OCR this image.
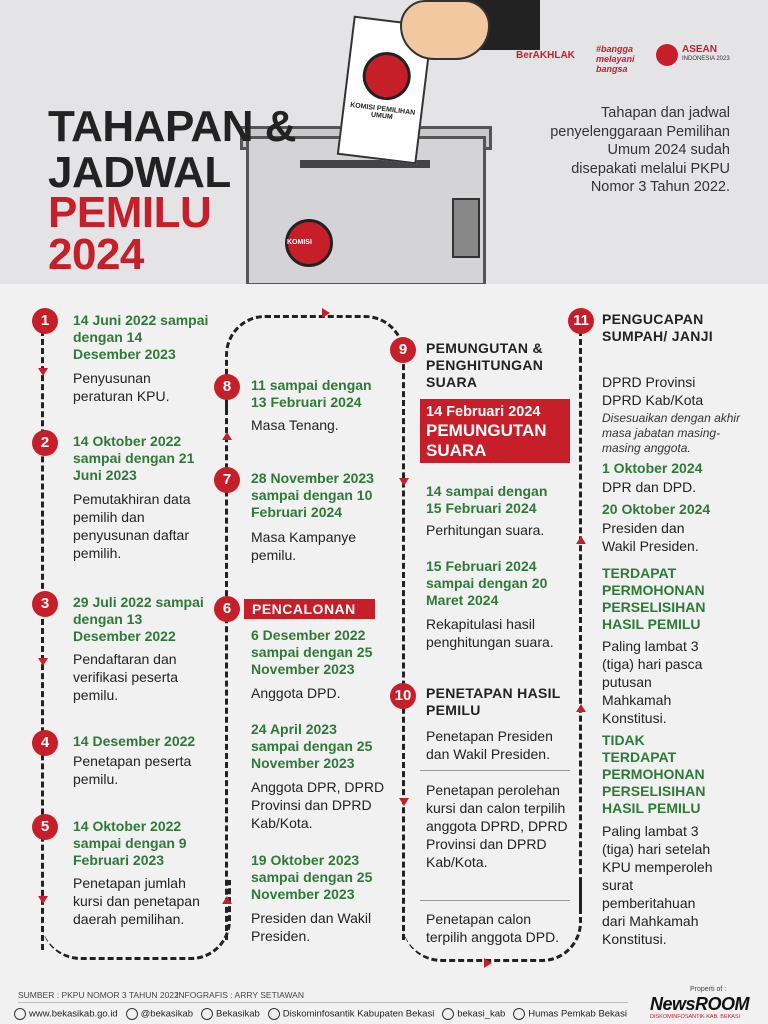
KOMISI
KOMISI PEMILIHAN UMUM
TAHAPAN &
JADWAL
PEMILU
2024
Tahapan dan jadwal penyelenggaraan Pemilihan Umum 2024 sudah disepakati melalui PKPU Nomor 3 Tahun 2022.
BerAKHLAK
#bangga melayani bangsa
ASEAN
INDONESIA 2023
1	14 Juni 2022 sampai dengan 14 Desember 2023
Penyusunan peraturan KPU.
2	14 Oktober 2022 sampai dengan 21 Juni 2023
Pemutakhiran data pemilih dan penyusunan daftar pemilih.
3	29 Juli 2022 sampai dengan 13 Desember 2022
Pendaftaran dan verifikasi peserta pemilu.
4	14 Desember 2022
Penetapan peserta pemilu.
5	14 Oktober 2022 sampai dengan 9 Februari 2023
Penetapan jumlah kursi dan penetapan daerah pemilihan.
8	11 sampai dengan 13 Februari 2024
Masa Tenang.
7	28 November 2023 sampai dengan 10 Februari 2024
Masa Kampanye pemilu.
6	PENCALONAN
6 Desember 2022 sampai dengan 25 November 2023
Anggota DPD.
24 April 2023 sampai dengan 25 November 2023
Anggota DPR, DPRD Provinsi dan DPRD Kab/Kota.
19 Oktober 2023 sampai dengan 25 November 2023
Presiden dan Wakil Presiden.
9	PEMUNGUTAN & PENGHITUNGAN SUARA
14 Februari 2024
PEMUNGUTAN SUARA
14 sampai dengan 15 Februari 2024
Perhitungan suara.
15 Februari 2024 sampai dengan 20 Maret 2024
Rekapitulasi hasil penghitungan suara.
10	PENETAPAN HASIL PEMILU
Penetapan Presiden dan Wakil Presiden.
Penetapan perolehan kursi dan calon terpilih anggota DPRD, DPRD Provinsi dan DPRD Kab/Kota.
Penetapan calon terpilih anggota DPD.
11 PENGUCAPAN SUMPAH/ JANJI
DPRD Provinsi DPRD Kab/Kota
Disesuaikan dengan akhir masa jabatan masing-masing anggota.
1 Oktober 2024
DPR dan DPD.
20 Oktober 2024
Presiden dan Wakil Presiden.
TERDAPAT PERMOHONAN PERSELISIHAN HASIL PEMILU
Paling lambat 3 (tiga) hari pasca putusan Mahkamah Konstitusi.
TIDAK TERDAPAT PERMOHONAN PERSELISIHAN HASIL PEMILU
Paling lambat 3 (tiga) hari setelah KPU memperoleh surat pemberitahuan dari Mahkamah Konstitusi.
SUMBER : PKPU NOMOR 3 TAHUN 2022
INFOGRAFIS : ARRY SETIAWAN
www.bekasikab.go.id @bekasikab Bekasikab Diskominfosantik Kabupaten Bekasi bekasi_kab Humas Pemkab Bekasi
Properti of :
NewsROOM
DISKOMINFOSANTIK KAB. BEKASI
